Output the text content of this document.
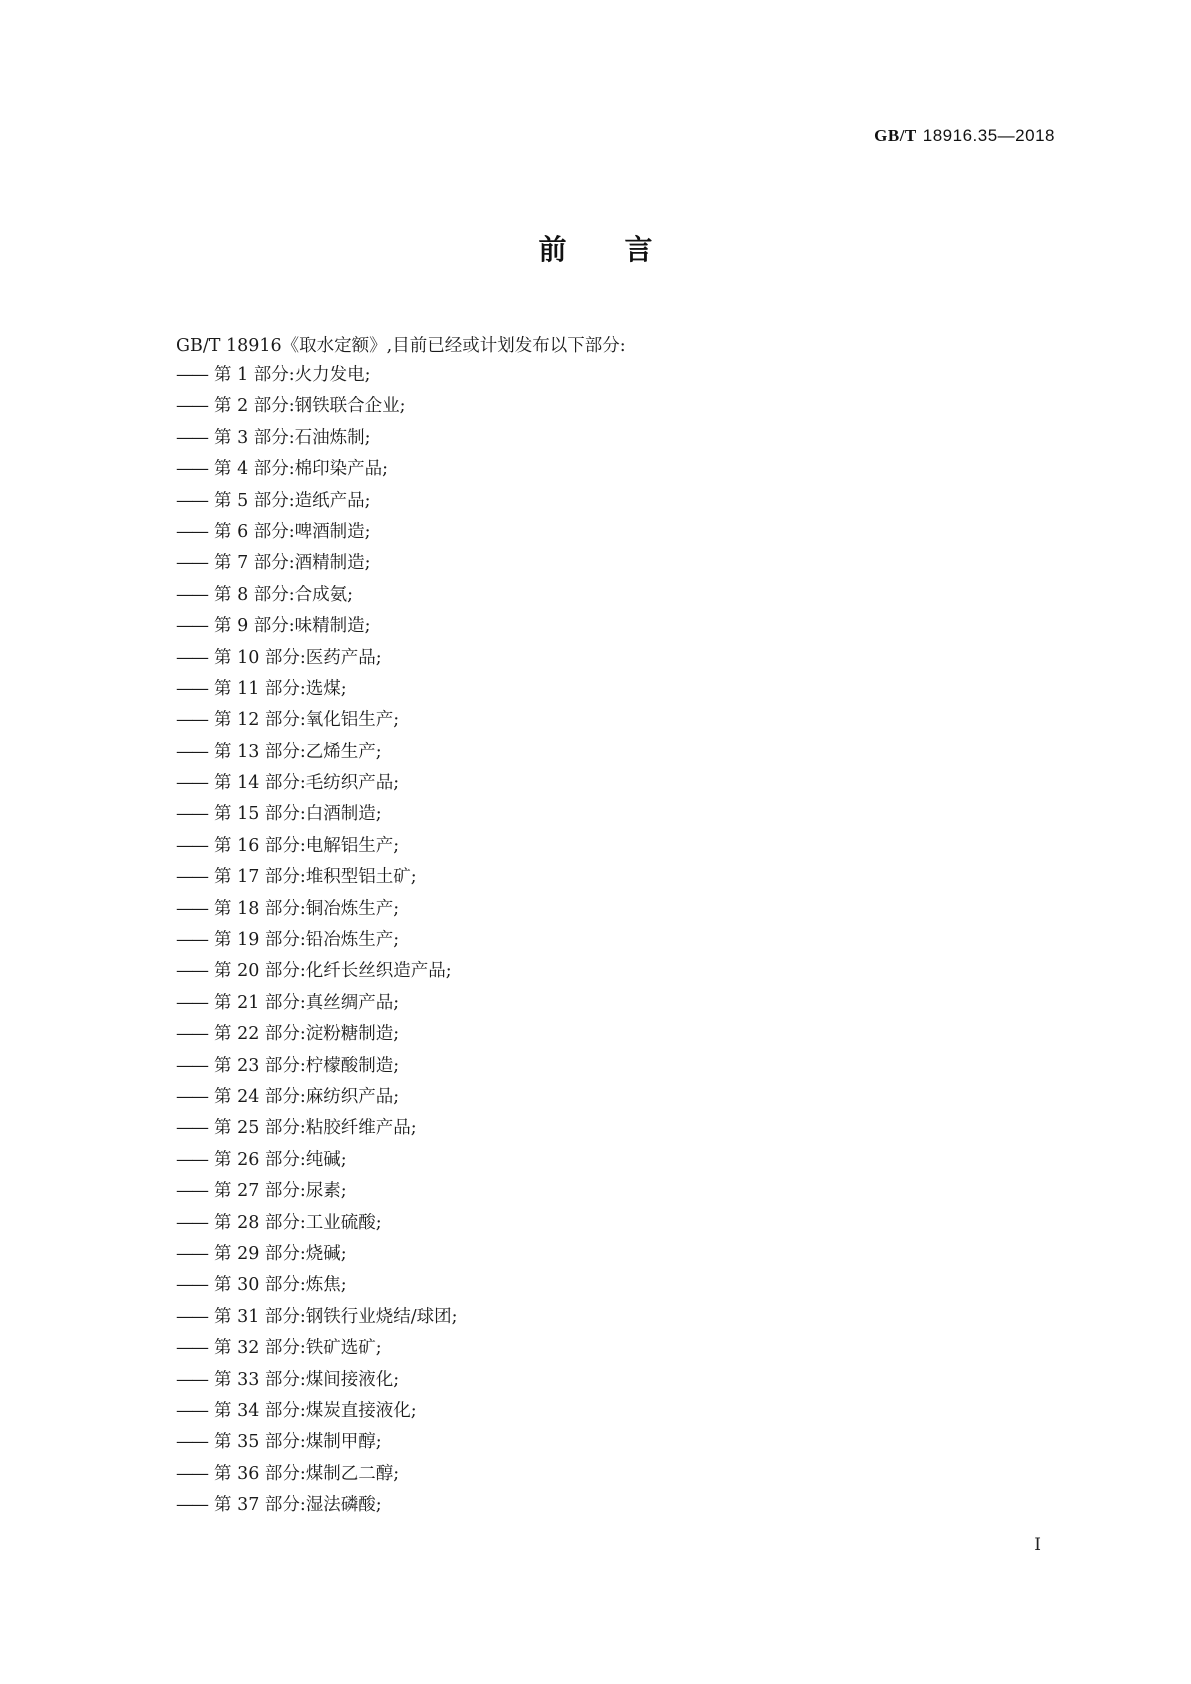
GB/T 18916.35—2018
前言
GB/T 18916《取水定额》,目前已经或计划发布以下部分:
—— 第 1 部分:火力发电;
—— 第 2 部分:钢铁联合企业;
—— 第 3 部分:石油炼制;
—— 第 4 部分:棉印染产品;
—— 第 5 部分:造纸产品;
—— 第 6 部分:啤酒制造;
—— 第 7 部分:酒精制造;
—— 第 8 部分:合成氨;
—— 第 9 部分:味精制造;
—— 第 10 部分:医药产品;
—— 第 11 部分:选煤;
—— 第 12 部分:氧化铝生产;
—— 第 13 部分:乙烯生产;
—— 第 14 部分:毛纺织产品;
—— 第 15 部分:白酒制造;
—— 第 16 部分:电解铝生产;
—— 第 17 部分:堆积型铝土矿;
—— 第 18 部分:铜冶炼生产;
—— 第 19 部分:铅冶炼生产;
—— 第 20 部分:化纤长丝织造产品;
—— 第 21 部分:真丝绸产品;
—— 第 22 部分:淀粉糖制造;
—— 第 23 部分:柠檬酸制造;
—— 第 24 部分:麻纺织产品;
—— 第 25 部分:粘胶纤维产品;
—— 第 26 部分:纯碱;
—— 第 27 部分:尿素;
—— 第 28 部分:工业硫酸;
—— 第 29 部分:烧碱;
—— 第 30 部分:炼焦;
—— 第 31 部分:钢铁行业烧结/球团;
—— 第 32 部分:铁矿选矿;
—— 第 33 部分:煤间接液化;
—— 第 34 部分:煤炭直接液化;
—— 第 35 部分:煤制甲醇;
—— 第 36 部分:煤制乙二醇;
—— 第 37 部分:湿法磷酸;
I
